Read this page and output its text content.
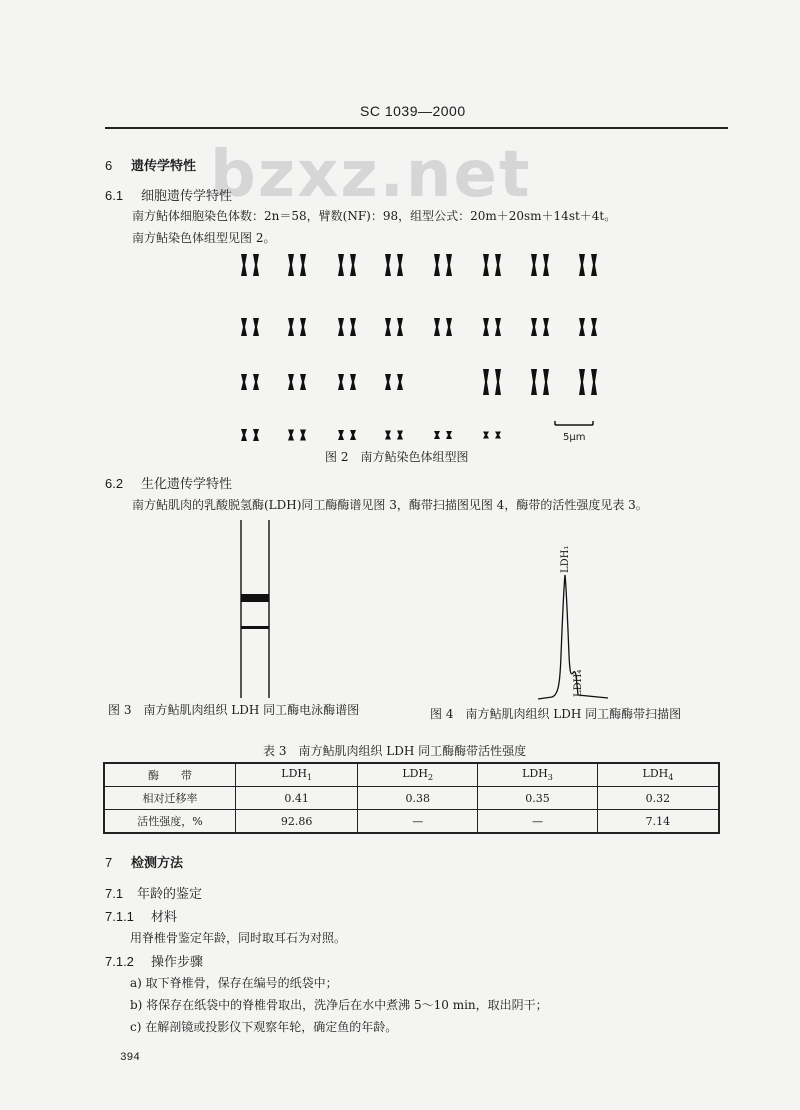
SC 1039—2000
bzxz.net
6 遗传学特性
6.1 细胞遗传学特性
南方鲇体细胞染色体数：2n＝58，臂数(NF)：98，组型公式：20m＋20sm＋14st＋4t。
南方鲇染色体组型见图 2。
5μm
图 2　南方鲇染色体组型图
6.2 生化遗传学特性
南方鲇肌肉的乳酸脱氢酶(LDH)同工酶酶谱见图 3，酶带扫描图见图 4，酶带的活性强度见表 3。
图 3　南方鲇肌肉组织 LDH 同工酶电泳酶谱图
LDH₁
LDH₄
图 4　南方鲇肌肉组织 LDH 同工酶酶带扫描图
表 3　南方鲇肌肉组织 LDH 同工酶酶带活性强度
酶　　带	$LDH_1$	$LDH_2$	$LDH_3$	$LDH_4$
相对迁移率	0.41	0.38	0.35	0.32
活性强度，%	92.86	—	—	7.14
7 检测方法
7.1 年龄的鉴定
7.1.1 材料
用脊椎骨鉴定年龄，同时取耳石为对照。
7.1.2 操作步骤
a) 取下脊椎骨，保存在编号的纸袋中；
b) 将保存在纸袋中的脊椎骨取出，洗净后在水中煮沸 5～10 min，取出阴干；
c) 在解剖镜或投影仪下观察年轮，确定鱼的年龄。
394
